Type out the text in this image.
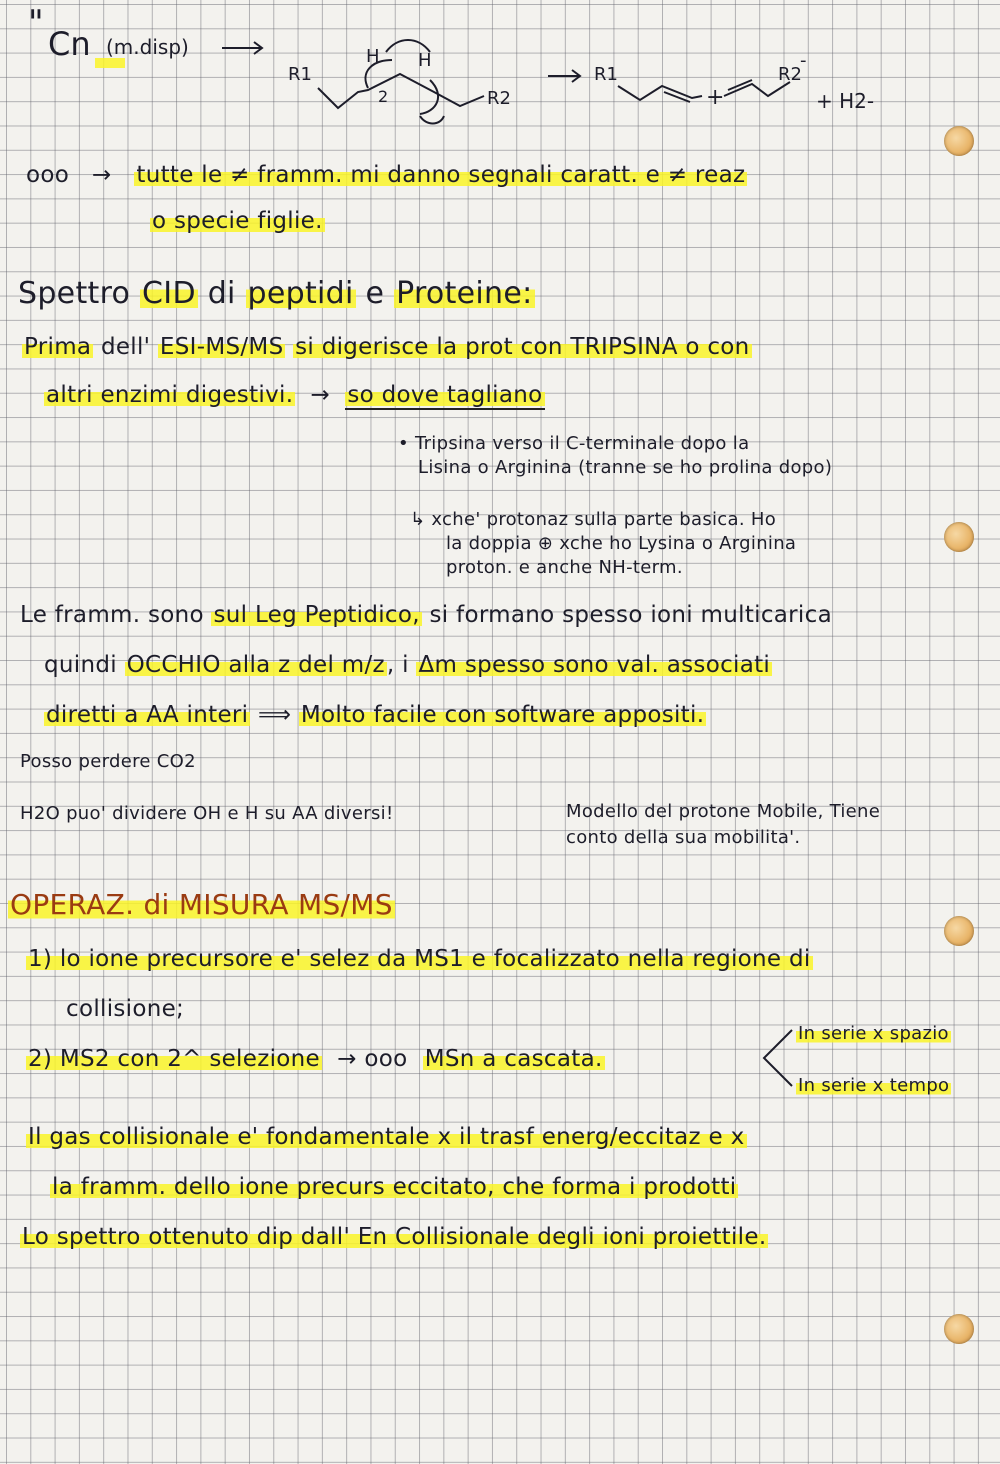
"
Cn (m.disp)
R1
R2
H H
2
R1
+
R2
-
+ H2-
ooo   →   tutte le ≠ framm. mi danno segnali caratt. e ≠ reaz
o specie figlie.
Spettro CID di peptidi e Proteine:
Prima dell' ESI-MS/MS si digerisce la prot con TRIPSINA o con
altri enzimi digestivi. → so dove tagliano
• Tripsina verso il C-terminale dopo la
Lisina o Arginina (tranne se ho prolina dopo)
↳ xche' protonaz sulla parte basica. Ho
la doppia ⊕ xche ho Lysina o Arginina
proton. e anche NH-term.
Le framm. sono sul Leg Peptidico, si formano spesso ioni multicarica
quindi OCCHIO alla z del m/z, i Δm spesso sono val. associati
diretti a AA interi ⟹ Molto facile con software appositi.
Posso perdere CO2
H2O puo' dividere OH e H su AA diversi!	Modello del protone Mobile, Tiene
conto della sua mobilita'.
OPERAZ. di MISURA MS/MS
1) lo ione precursore e' selez da MS1 e focalizzato nella regione di
collisione;
2) MS2 con 2^ selezione → ooo MSn a cascata.
In serie x spazio
In serie x tempo
Il gas collisionale e' fondamentale x il trasf energ/eccitaz e x
la framm. dello ione precurs eccitato, che forma i prodotti
Lo spettro ottenuto dip dall' En Collisionale degli ioni proiettile.
